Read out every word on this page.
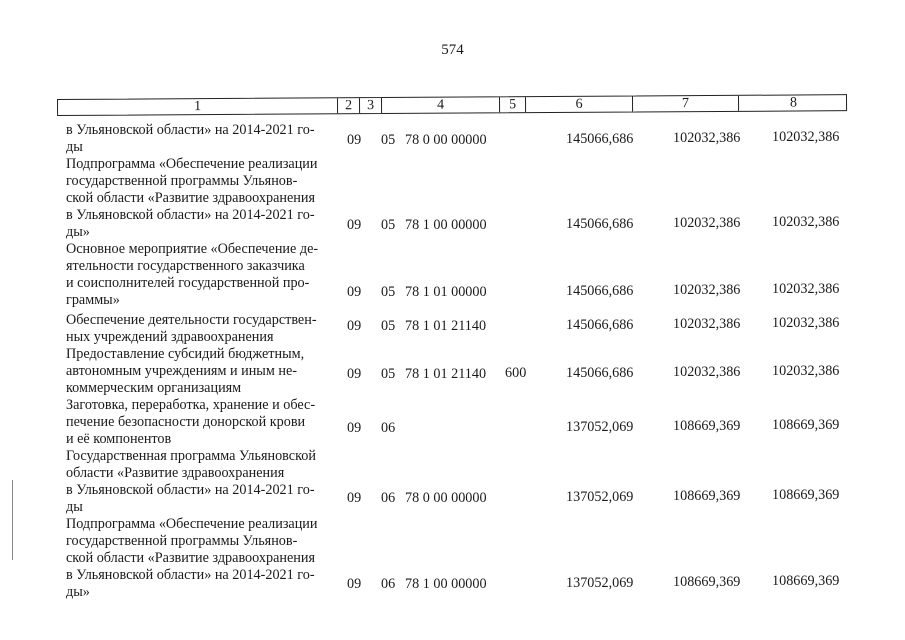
574
1	2	3	4	5	6	7	8
в Ульяновской области» на 2014-2021 го-
ды	09 05 78 0 00 00000	145066,686	102032,386 102032,386
Подпрограмма «Обеспечение реализации
государственной программы Ульянов-
ской области «Развитие здравоохранения
в Ульяновской области» на 2014-2021 го-
ды»	09 05 78 1 00 00000	145066,686	102032,386 102032,386
Основное мероприятие «Обеспечение де-
ятельности государственного заказчика
и соисполнителей государственной про-
граммы»	09 05 78 1 01 00000	145066,686	102032,386 102032,386
Обеспечение деятельности государствен-
ных учреждений здравоохранения
09 05 78 1 01 21140	145066,686	102032,386 102032,386
Предоставление субсидий бюджетным,
автономным учреждениям и иным не-
коммерческим организациям
09 05 78 1 01 21140 600	145066,686	102032,386 102032,386
Заготовка, переработка, хранение и обес-
печение безопасности донорской крови
и её компонентов
09 06	137052,069	108669,369 108669,369
Государственная программа Ульяновской
области «Развитие здравоохранения
в Ульяновской области» на 2014-2021 го-
ды
09 06 78 0 00 00000	137052,069	108669,369 108669,369
Подпрограмма «Обеспечение реализации
государственной программы Ульянов-
ской области «Развитие здравоохранения
в Ульяновской области» на 2014-2021 го-
ды»	09 06 78 1 00 00000	137052,069	108669,369 108669,369
